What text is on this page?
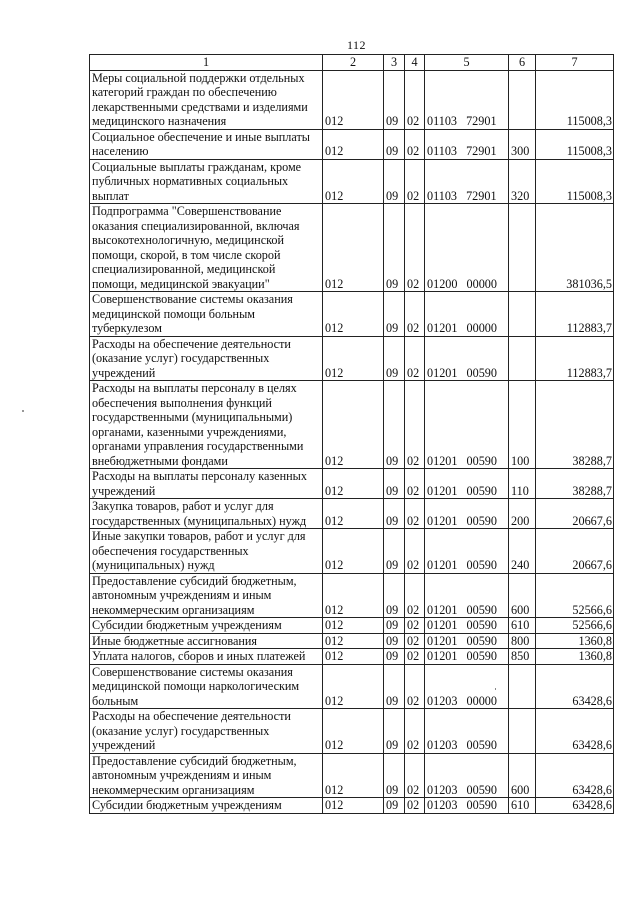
112
1	2	3	4	5	6	7
Меры социальной поддержки отдельных категорий граждан по обеспечению лекарственными средствами и изделиями медицинского назначения	012	09	02	01103 72901		115008,3
Социальное обеспечение и иные выплаты населению	012	09	02	01103 72901	300	115008,3
Социальные выплаты гражданам, кроме публичных нормативных социальных выплат	012	09	02	01103 72901	320	115008,3
Подпрограмма "Совершенствование оказания специализированной, включая высокотехнологичную, медицинской помощи, скорой, в том числе скорой специализированной, медицинской помощи, медицинской эвакуации"	012	09	02	01200 00000		381036,5
Совершенствование системы оказания медицинской помощи больным туберкулезом	012	09	02	01201 00000		112883,7
Расходы на обеспечение деятельности (оказание услуг) государственных учреждений	012	09	02	01201 00590		112883,7
Расходы на выплаты персоналу в целях обеспечения выполнения функций государственными (муниципальными) органами, казенными учреждениями, органами управления государственными внебюджетными фондами	012	09	02	01201 00590	100	38288,7
Расходы на выплаты персоналу казенных учреждений	012	09	02	01201 00590	110	38288,7
Закупка товаров, работ и услуг для государственных (муниципальных) нужд	012	09	02	01201 00590	200	20667,6
Иные закупки товаров, работ и услуг для обеспечения государственных (муниципальных) нужд	012	09	02	01201 00590	240	20667,6
Предоставление субсидий бюджетным, автономным учреждениям и иным некоммерческим организациям	012	09	02	01201 00590	600	52566,6
Субсидии бюджетным учреждениям	012	09	02	01201 00590	610	52566,6
Иные бюджетные ассигнования	012	09	02	01201 00590	800	1360,8
Уплата налогов, сборов и иных платежей	012	09	02	01201 00590	850	1360,8
Совершенствование системы оказания медицинской помощи наркологическим больным	012	09	02	01203 00000		63428,6
Расходы на обеспечение деятельности (оказание услуг) государственных учреждений	012	09	02	01203 00590		63428,6
Предоставление субсидий бюджетным, автономным учреждениям и иным некоммерческим организациям	012	09	02	01203 00590	600	63428,6
Субсидии бюджетным учреждениям	012	09	02	01203 00590	610	63428,6
